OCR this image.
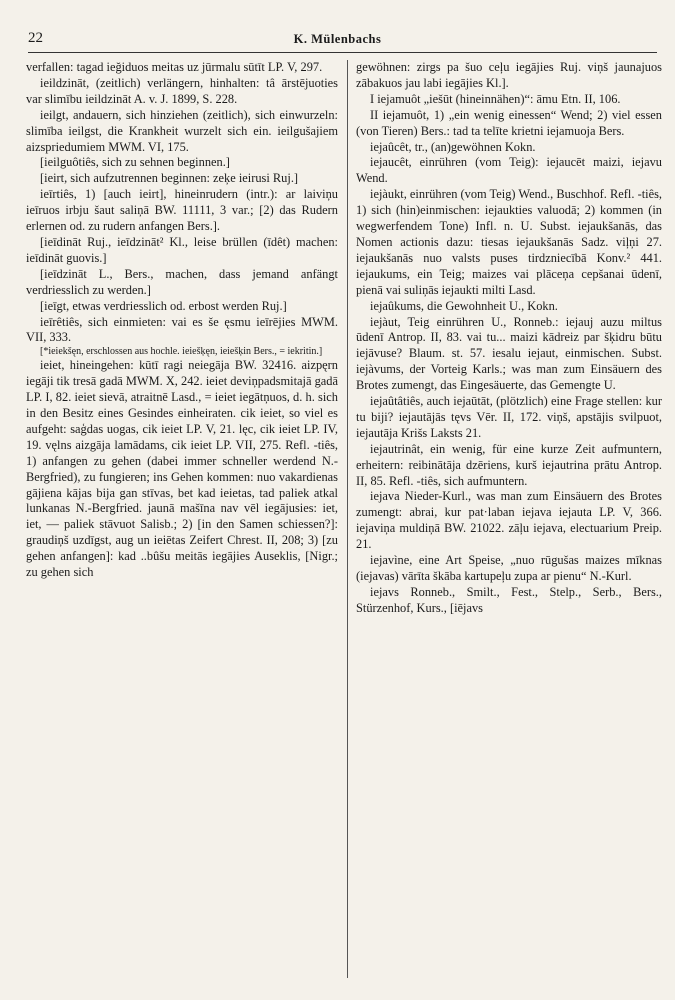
22	K. Mülenbachs

verfallen: tagad ieğiduos meitas uz jūrmalu sūtīt LP. V, 297.

ieildzināt, (zeitlich) verlängern, hinhalten: tâ ārstējuoties var slimību ieildzināt A. v. J. 1899, S. 228.

ieilgt, andauern, sich hinziehen (zeitlich), sich einwurzeln: slimība ieilgst, die Krankheit wurzelt sich ein. ieilgušajiem aizspriedumiem MWM. VI, 175.

[ieilguôtiês, sich zu sehnen beginnen.]

[ieirt, sich aufzutrennen beginnen: zeķe ieirusi Ruj.]

ieīrtiês, 1) [auch ieirt], hineinrudern (intr.): ar laiviņu ieīruos irbju šaut saliņā BW. 11111, 3 var.; [2) das Rudern erlernen od. zu rudern anfangen Bers.].

[ieīdināt Ruj., ieīdzināt² Kl., leise brüllen (īdêt) machen: ieīdināt guovis.]

[ieīdzināt L., Bers., machen, dass jemand anfängt verdriesslich zu werden.]

[ieīgt, etwas verdriesslich od. erbost werden Ruj.]

ieīrêtiês, sich einmieten: vai es še ęsmu ieīrējies MWM. VII, 333.

[*ieiekšęn, erschlossen aus hochle. ieiešķęn, ieiešķin Bers., = iekritin.]

ieiet, hineingehen: kūtī ragi neiegāja BW. 32416. aizpęrn iegāji tik tresā gadā MWM. X, 242. ieiet deviņpadsmitajā gadā LP. I, 82. ieiet sievā, atraitnē Lasd., = ieiet iegātņuos, d. h. sich in den Besitz eines Gesindes einheiraten. cik ieiet, so viel es aufgeht: saģdas uogas, cik ieiet LP. V, 21. lęc, cik ieiet LP. IV, 19. vęlns aizgāja lamādams, cik ieiet LP. VII, 275. Refl. -tiês, 1) anfangen zu gehen (dabei immer schneller werdend N.-Bergfried), zu fungieren; ins Gehen kommen: nuo vakardienas gājiena kājas bija gan stīvas, bet kad ieietas, tad paliek atkal lunkanas N.-Bergfried. jaunā mašīna nav vēl iegājusies: iet, iet, — paliek stāvuot Salisb.; 2) [in den Samen schiessen?]: graudiņš uzdīgst, aug un ieiētas Zeifert Chrest. II, 208; 3) [zu gehen anfangen]: kad ..bûšu meitās iegājies Auseklis, [Nigr.; zu gehen sich

gewöhnen: zirgs pa šuo ceļu iegājies Ruj. viņš jaunajuos zābakuos jau labi iegājies Kl.].

I iejamuôt „iešūt (hineinnähen)“: āmu Etn. II, 106.

II iejamuôt, 1) „ein wenig einessen“ Wend; 2) viel essen (von Tieren) Bers.: tad ta telīte krietni iejamuoja Bers.

iejaûcêt, tr., (an)gewöhnen Kokn.

iejaucêt, einrühren (vom Teig): iejaucēt maizi, iejavu Wend.

iejàukt, einrühren (vom Teig) Wend., Buschhof. Refl. -tiês, 1) sich (hin)einmischen: iejaukties valuodā; 2) kommen (in wegwerfendem Tone) Infl. n. U. Subst. iejaukšanās, das Nomen actionis dazu: tiesas iejaukšanās Sadz. viļņi 27. iejaukšanās nuo valsts puses tirdzniecībā Konv.² 441. iejaukums, ein Teig; maizes vai plāceņa cepšanai ūdenī, pienā vai suliņās iejaukti milti Lasd.

iejaûkums, die Gewohnheit U., Kokn.

iejàut, Teig einrühren U., Ronneb.: iejauj auzu miltus ūdenī Antrop. II, 83. vai tu... maizi kādreiz par šķidru būtu iejāvuse? Blaum. st. 57. iesalu iejaut, einmischen. Subst. iejàvums, der Vorteig Karls.; was man zum Einsäuern des Brotes zumengt, das Eingesäuerte, das Gemengte U.

iejaûtâtiês, auch iejaūtāt, (plötzlich) eine Frage stellen: kur tu biji? iejautājās tęvs Vēr. II, 172. viņš, apstājis svilpuot, iejautāja Krišs Laksts 21.

iejautrinât, ein wenig, für eine kurze Zeit aufmuntern, erheitern: reibinātāja dzēriens, kurš iejautrina prātu Antrop. II, 85. Refl. -tiês, sich aufmuntern.

iejava Nieder-Kurl., was man zum Einsäuern des Brotes zumengt: abrai, kur pat·laban iejava iejauta LP. V, 366. iejaviņa muldiņā BW. 21022. zāļu iejava, electuarium Preip. 21.

iejavìne, eine Art Speise, „nuo rūgušas maizes mīknas (iejavas) vārīta škāba kartupeļu zupa ar pienu“ N.-Kurl.

iejavs Ronneb., Smilt., Fest., Stelp., Serb., Bers., Stürzenhof, Kurs., [iējavs
